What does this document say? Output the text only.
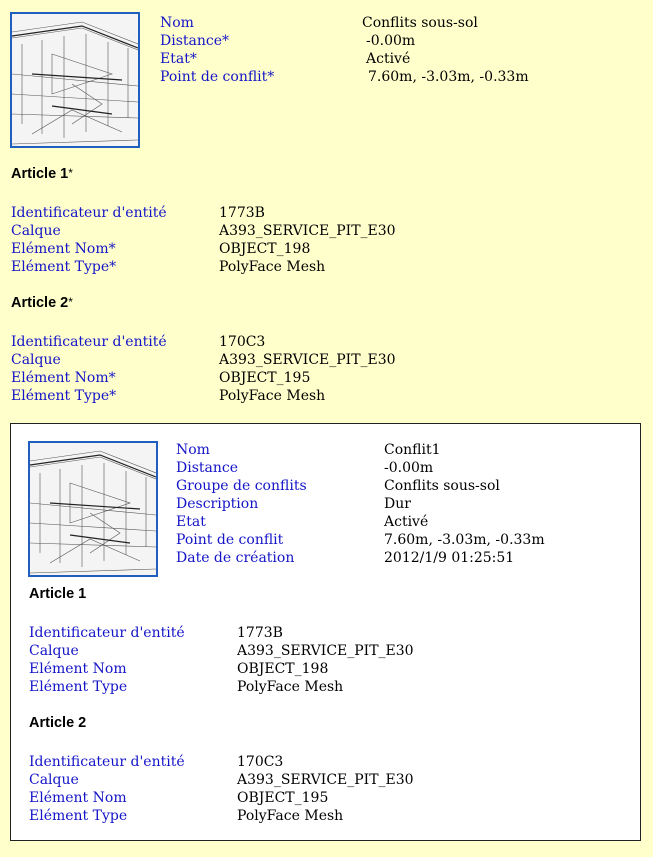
Nom	Conflits sous-sol
Distance*	-0.00m
Etat*	Activé
Point de conflit*	7.60m, -3.03m, -0.33m
Article 1*
Identificateur d'entité	1773B
Calque	A393_SERVICE_PIT_E30
Elément Nom*	OBJECT_198
Elément Type*	PolyFace Mesh
Article 2*
Identificateur d'entité	170C3
Calque	A393_SERVICE_PIT_E30
Elément Nom*	OBJECT_195
Elément Type*	PolyFace Mesh
Nom	Conflit1
Distance	-0.00m
Groupe de conflits	Conflits sous-sol
Description	Dur
Etat	Activé
Point de conflit	7.60m, -3.03m, -0.33m
Date de création	2012/1/9 01:25:51
Article 1
Identificateur d'entité	1773B
Calque	A393_SERVICE_PIT_E30
Elément Nom	OBJECT_198
Elément Type	PolyFace Mesh
Article 2
Identificateur d'entité	170C3
Calque	A393_SERVICE_PIT_E30
Elément Nom	OBJECT_195
Elément Type	PolyFace Mesh
